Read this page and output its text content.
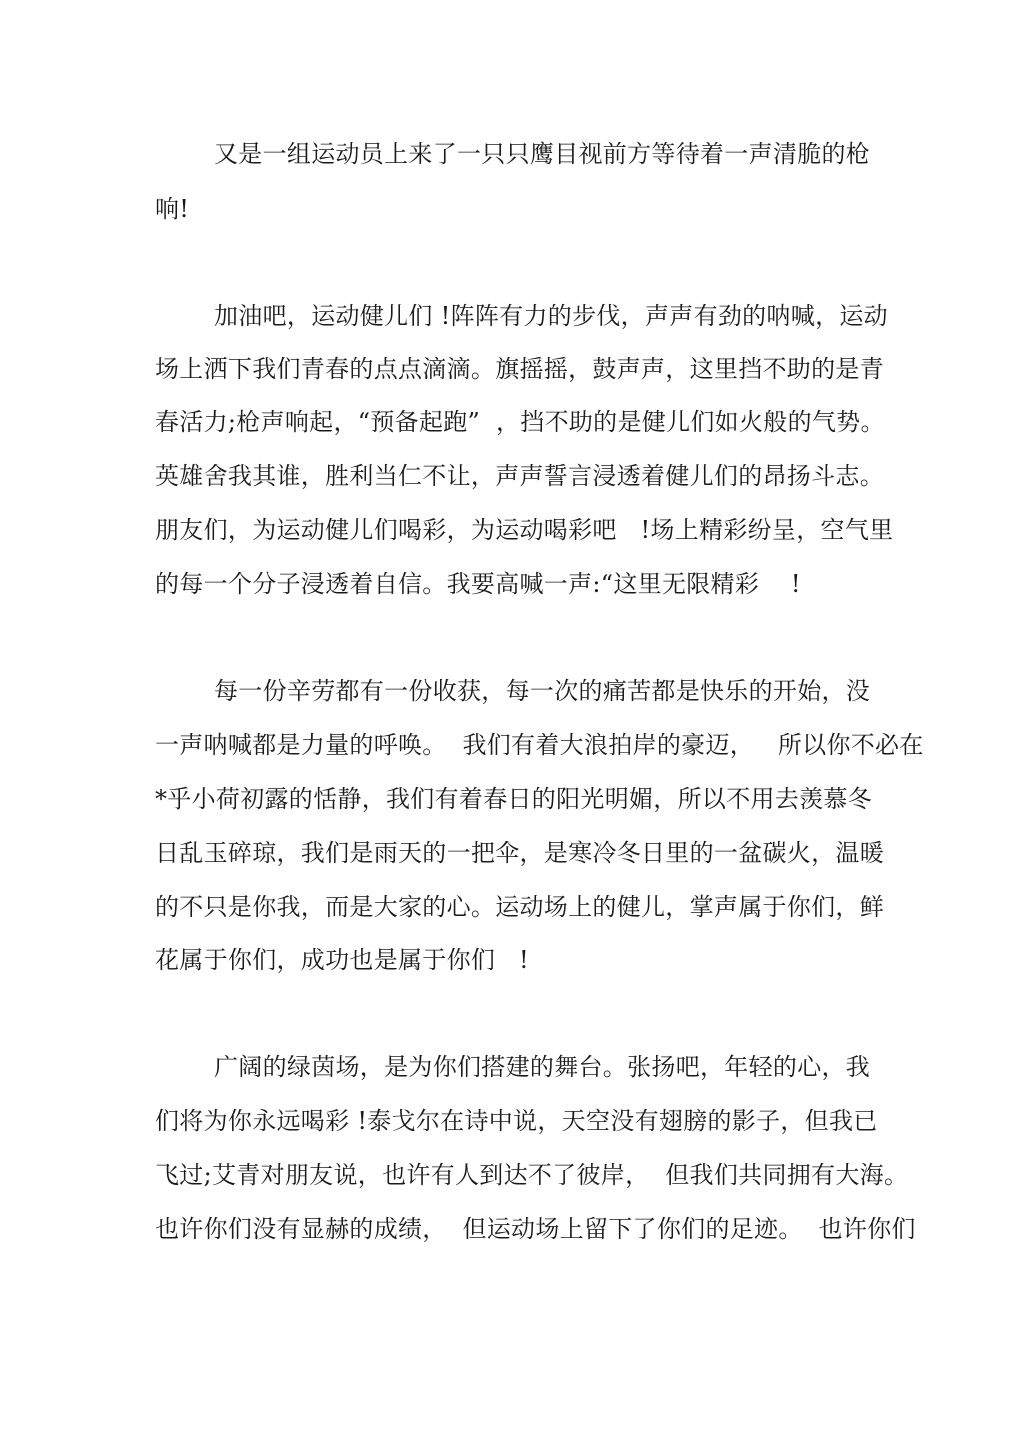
又是一组运动员上来了一只只鹰目视前方等待着一声清脆的枪
响!
加油吧，运动健儿们 !阵阵有力的步伐，声声有劲的呐喊，运动
场上洒下我们青春的点点滴滴。旗摇摇，鼓声声，这里挡不助的是青
春活力;枪声响起，“预备起跑”  ，挡不助的是健儿们如火般的气势。
英雄舍我其谁，胜利当仁不让，声声誓言浸透着健儿们的昂扬斗志。
朋友们，为运动健儿们喝彩，为运动喝彩吧   !场上精彩纷呈，空气里
的每一个分子浸透着自信。我要高喊一声:“这里无限精彩    !
每一份辛劳都有一份收获，每一次的痛苦都是快乐的开始，没
一声呐喊都是力量的呼唤。  我们有着大浪拍岸的豪迈，   所以你不必在
*乎小荷初露的恬静，我们有着春日的阳光明媚，所以不用去羡慕冬
日乱玉碎琼，我们是雨天的一把伞，是寒冷冬日里的一盆碳火，温暖
的不只是你我，而是大家的心。运动场上的健儿，掌声属于你们，鲜
花属于你们，成功也是属于你们   !
广阔的绿茵场，是为你们搭建的舞台。张扬吧，年轻的心，我
们将为你永远喝彩 !泰戈尔在诗中说，天空没有翅膀的影子，但我已
飞过;艾青对朋友说，也许有人到达不了彼岸，  但我们共同拥有大海。
也许你们没有显赫的成绩，  但运动场上留下了你们的足迹。  也许你们
